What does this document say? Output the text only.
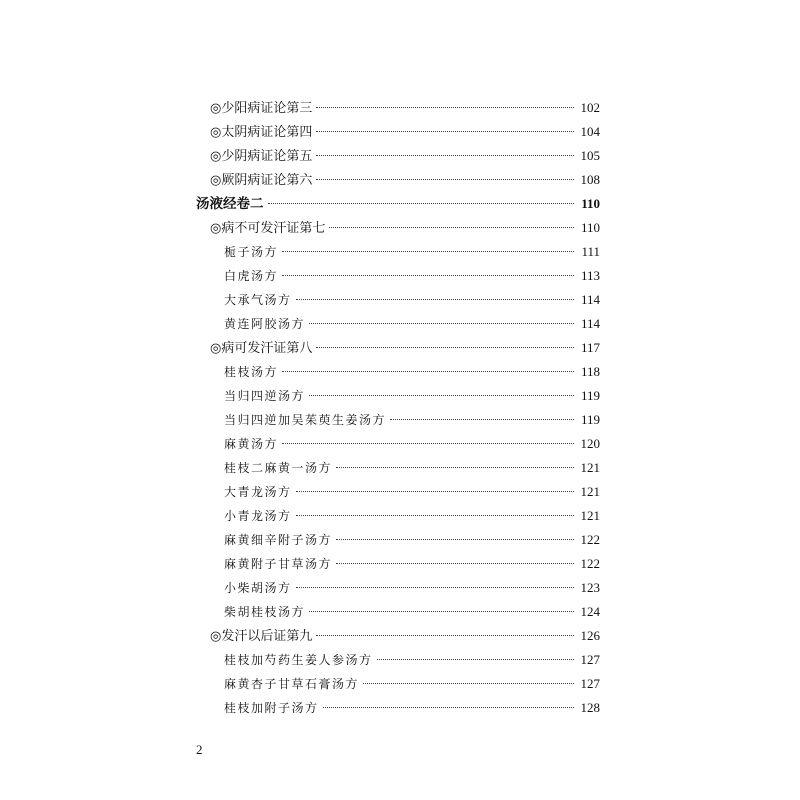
◎少阳病证论第三	102
◎太阴病证论第四	104
◎少阴病证论第五	105
◎厥阴病证论第六	108
汤液经卷二	110
◎病不可发汗证第七	110
栀子汤方	111
白虎汤方	113
大承气汤方	114
黄连阿胶汤方	114
◎病可发汗证第八	117
桂枝汤方	118
当归四逆汤方	119
当归四逆加吴茱萸生姜汤方	119
麻黄汤方	120
桂枝二麻黄一汤方	121
大青龙汤方	121
小青龙汤方	121
麻黄细辛附子汤方	122
麻黄附子甘草汤方	122
小柴胡汤方	123
柴胡桂枝汤方	124
◎发汗以后证第九	126
桂枝加芍药生姜人参汤方	127
麻黄杏子甘草石膏汤方	127
桂枝加附子汤方	128
2
